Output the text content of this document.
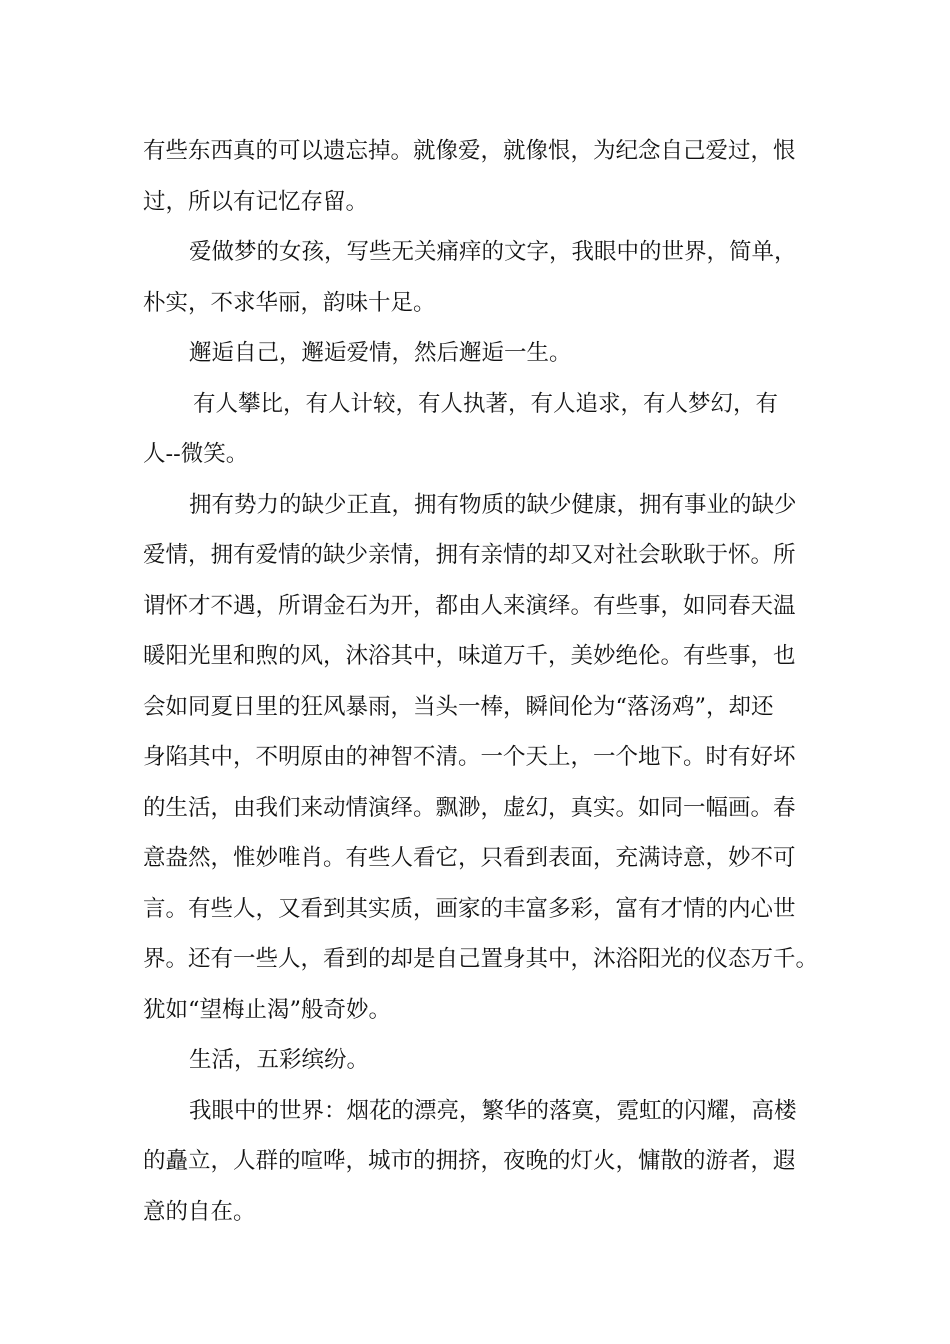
有些东西真的可以遗忘掉。就像爱，就像恨，为纪念自己爱过，恨
过，所以有记忆存留。

爱做梦的女孩，写些无关痛痒的文字，我眼中的世界，简单，
朴实，不求华丽，韵味十足。

邂逅自己，邂逅爱情，然后邂逅一生。

有人攀比，有人计较，有人执著，有人追求，有人梦幻，有
人--微笑。

拥有势力的缺少正直，拥有物质的缺少健康，拥有事业的缺少
爱情，拥有爱情的缺少亲情，拥有亲情的却又对社会耿耿于怀。所
谓怀才不遇，所谓金石为开，都由人来演绎。有些事，如同春天温
暖阳光里和煦的风，沐浴其中，味道万千，美妙绝伦。有些事，也
会如同夏日里的狂风暴雨，当头一棒，瞬间伦为“落汤鸡”，却还
身陷其中，不明原由的神智不清。一个天上，一个地下。时有好坏
的生活，由我们来动情演绎。飘渺，虚幻，真实。如同一幅画。春
意盎然，惟妙唯肖。有些人看它，只看到表面，充满诗意，妙不可
言。有些人，又看到其实质，画家的丰富多彩，富有才情的内心世
界。还有一些人，看到的却是自己置身其中，沐浴阳光的仪态万千。
犹如“望梅止渴”般奇妙。

生活，五彩缤纷。

我眼中的世界：烟花的漂亮，繁华的落寞，霓虹的闪耀，高楼
的矗立，人群的喧哗，城市的拥挤，夜晚的灯火，慵散的游者，遐
意的自在。
